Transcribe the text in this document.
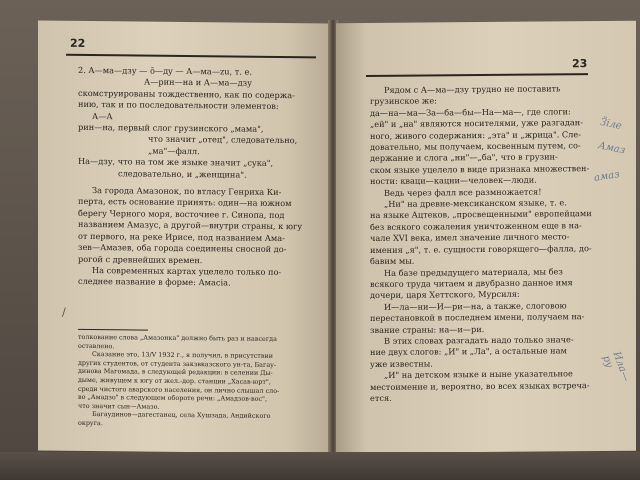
22

2. А—ма—дзу — ō—дy — А—ма—zu, т. е.

А—рин—на и А—ма—дзу

скомструированы тождественно, как по содержа-

нию, так и по последовательности элементов:

А—А

рин—на, первый слог грузинского „мама",

что значит „отец", следовательно,

„ма"—фалл.

На—дзу, что на том же языке значит „сука",

следовательно, и „женщина".

За города Амазонок, по втласу Генриха Ки-

перта, есть основание принять: один—на южном

берегу Черного моря, восточнее г. Синопа, под

названием Амазус, а другой—внутри страны, к югу

от первого, на реке Ирисе, под названием Ама-

зев—Амазев, оба города соединены сносной до-

рогой с древнейших времен.

На современных картах уцелело только по-

следнее название в форме: Амасia.

/

толкование слова „Амазонка" должно быть раз и навсегда

оставлено.

Сказание это, 13/V 1932 г., я получил, в присутствии

других студентов, от студента закзвказского ун-та, Багау-

динова Магомада, в следующей редакции: в селении Ды-

дыме, живущем к югу от жел.-дор. станции „Хасав-юрт",

среди чистого аварского населения, он лично слышал сло-

во „Амадзо" в следующем обороте речи: „Амадзов-вос",

что значит сын—Амазо.

Багаудинов—дагестанец, села Хушзада, Андийского

округа.

23

Рядом с А—ма—дзу трудно не поставить

грузинское же:

да—на—ма—За—ба—бы—На—ма—, где слоги:

„ей" и „на" являются носителями, уже разгадан-

ного, живого содержания: „эта" и „жрица". Сле-

довательно, мы получаем, косвенным путем, со-

держание и слога „ни"—„ба", что в грузин-

ском языке уцелело в виде признака множествен-

ности: кваци—кацни—человек—люди.

Ведь через фалл все размножается!

„Ни" на древне-мексиканском языке, т. е.

на языке Ацтеков, „просвещенными" европейцами

без всякого сожаления уничтоженном еще в на-

чале XVI века, имел значение личного место-

имения „я", т. е. сущности говорящего—фалла, до-

бавим мы.

На базе предыдущего материала, мы без

всякого труда читаем и двубразно данное имя

дочери, царя Хеттского, Мурсиля:

И—ла—ни—И—ри—на, а также, слоговою

перестановкой в последнем имени, получаем на-

звание страны: на—и—ри.

В этих словах разгадать надо только значе-

ние двух слогов: „И" и „Ла", а остальные нам

уже известны.

„И" на детском языке и ныне указательное

местоимение и, вероятно, во всех языках встреча-

ется.

Ӟіле
Амаз
амаз
Ила—ру
